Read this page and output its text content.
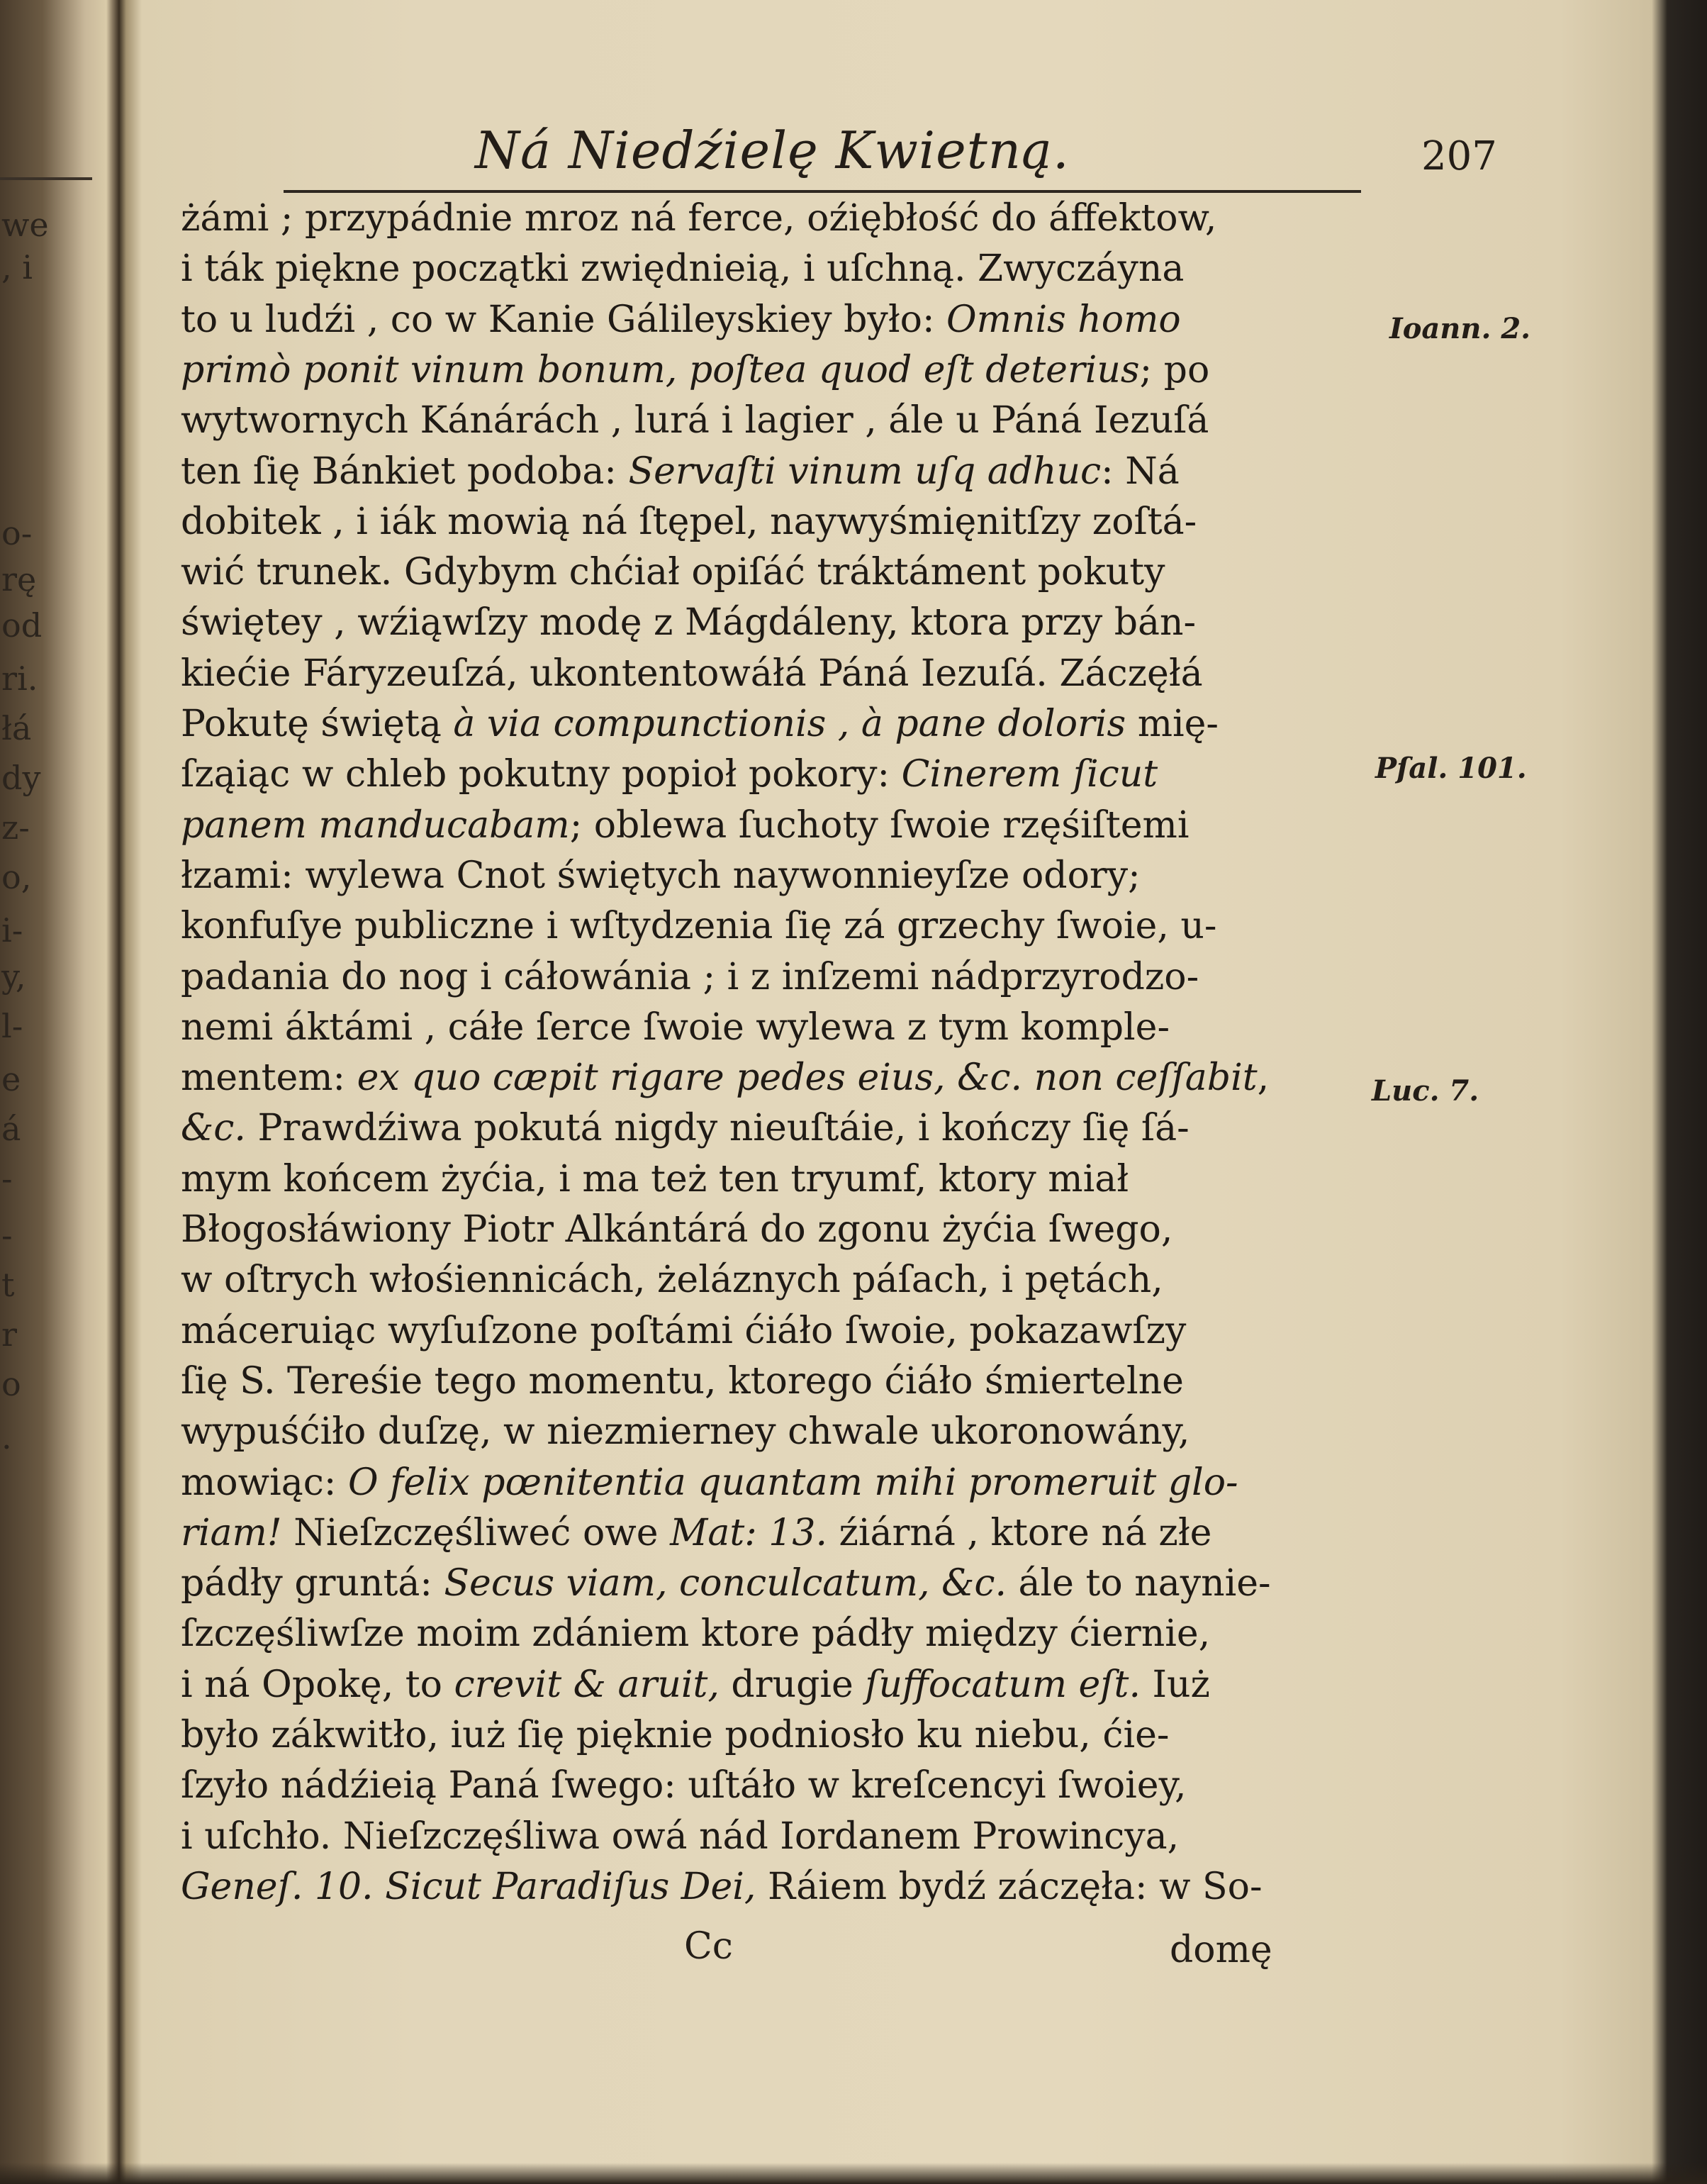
we
, i
o-
rę
od
ri.
łá
dy
z-
o,
i-
y,
l-
e
á
-
-
t
r
o
.
Ná Niedźielę Kwietną.	207
żámi ; przypádnie mroz ná ferce, oźiębłość do áffektow,
i ták piękne początki zwiędnieią, i uſchną. Zwyczáyna
to u ludźi , co w Kanie Gálileyskiey było: Omnis homo
primò ponit vinum bonum, poſtea quod eſt deterius; po
wytwornych Kánárách , lurá i lagier , ále u Páná Iezuſá
ten ſię Bánkiet podoba: Servaſti vinum uſq adhuc: Ná
dobitek , i iák mowią ná ſtępel, naywyśmięnitſzy zoſtá-
wić trunek. Gdybym chćiał opiſáć tráktáment pokuty
świętey , wźiąwſzy modę z Mágdáleny, ktora przy bán-
kiećie Fáryzeuſzá, ukontentowáłá Páná Iezuſá. Záczęłá
Pokutę świętą à via compunctionis , à pane doloris mię-
ſząiąc w chleb pokutny popioł pokory: Cinerem ſicut
panem manducabam; oblewa ſuchoty ſwoie rzęśiſtemi
łzami: wylewa Cnot świętych naywonnieyſze odory;
konfuſye publiczne i wſtydzenia ſię zá grzechy ſwoie, u-
padania do nog i cáłowánia ; i z inſzemi nádprzyrodzo-
nemi áktámi , cáłe ſerce ſwoie wylewa z tym komple-
mentem: ex quo cæpit rigare pedes eius, &c. non ceſſabit,
&c. Prawdźiwa pokutá nigdy nieuſtáie, i kończy ſię ſá-
mym końcem żyćia, i ma też ten tryumf, ktory miał
Błogosłáwiony Piotr Alkántárá do zgonu żyćia ſwego,
w oſtrych włośiennicách, żeláznych páſach, i pętách,
máceruiąc wyſuſzone poſtámi ćiáło ſwoie, pokazawſzy
ſię S. Tereśie tego momentu, ktorego ćiáło śmiertelne
wypuśćiło duſzę, w niezmierney chwale ukoronowány,
mowiąc: O felix pœnitentia quantam mihi promeruit glo-
riam! Nieſzczęśliweć owe Mat: 13. źiárná , ktore ná złe
pádły gruntá: Secus viam, conculcatum, &c. ále to naynie-
ſzczęśliwſze moim zdániem ktore pádły między ćiernie,
i ná Opokę, to crevit & aruit, drugie ſuffocatum eſt. Iuż
było zákwitło, iuż ſię pięknie podniosło ku niebu, ćie-
ſzyło nádźieią Paná ſwego: uſtáło w kreſcencyi ſwoiey,
i uſchło. Nieſzczęśliwa owá nád Iordanem Prowincya,
Geneſ. 10. Sicut Paradiſus Dei, Ráiem bydź záczęła: w So-
Ioann. 2.
Pſal. 101.
Luc. 7.
Cc	domę
